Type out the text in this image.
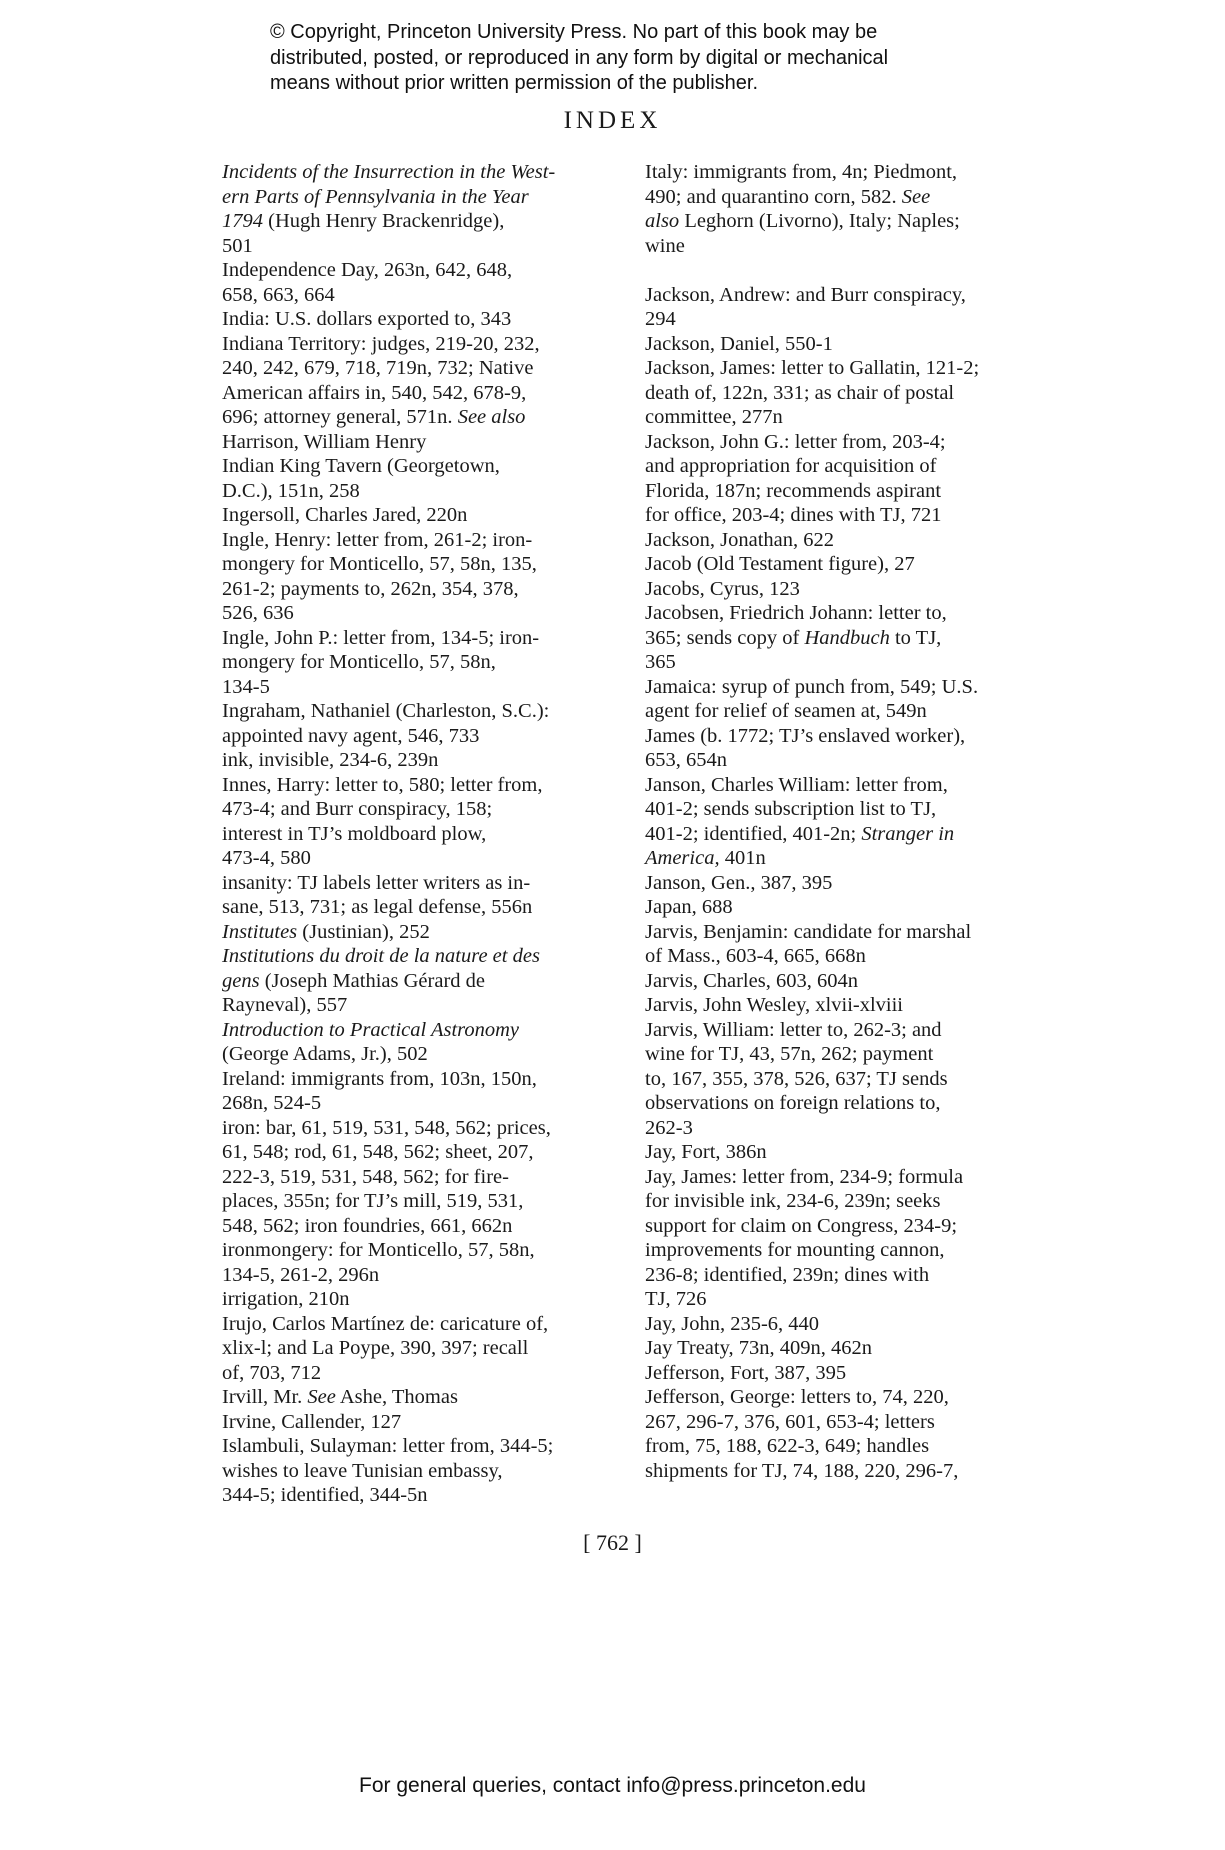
© Copyright, Princeton University Press. No part of this book may be
distributed, posted, or reproduced in any form by digital or mechanical
means without prior written permission of the publisher.
INDEX
Incidents of the Insurrection in the West-
ern Parts of Pennsylvania in the Year
1794 (Hugh Henry Brackenridge),
501
Independence Day, 263n, 642, 648,
658, 663, 664
India: U.S. dollars exported to, 343
Indiana Territory: judges, 219-20, 232,
240, 242, 679, 718, 719n, 732; Native
American affairs in, 540, 542, 678-9,
696; attorney general, 571n. See also
Harrison, William Henry
Indian King Tavern (Georgetown,
D.C.), 151n, 258
Ingersoll, Charles Jared, 220n
Ingle, Henry: letter from, 261-2; iron-
mongery for Monticello, 57, 58n, 135,
261-2; payments to, 262n, 354, 378,
526, 636
Ingle, John P.: letter from, 134-5; iron-
mongery for Monticello, 57, 58n,
134-5
Ingraham, Nathaniel (Charleston, S.C.):
appointed navy agent, 546, 733
ink, invisible, 234-6, 239n
Innes, Harry: letter to, 580; letter from,
473-4; and Burr conspiracy, 158;
interest in TJ’s moldboard plow,
473-4, 580
insanity: TJ labels letter writers as in-
sane, 513, 731; as legal defense, 556n
Institutes (Justinian), 252
Institutions du droit de la nature et des
gens (Joseph Mathias Gérard de
Rayneval), 557
Introduction to Practical Astronomy
(George Adams, Jr.), 502
Ireland: immigrants from, 103n, 150n,
268n, 524-5
iron: bar, 61, 519, 531, 548, 562; prices,
61, 548; rod, 61, 548, 562; sheet, 207,
222-3, 519, 531, 548, 562; for fire-
places, 355n; for TJ’s mill, 519, 531,
548, 562; iron foundries, 661, 662n
ironmongery: for Monticello, 57, 58n,
134-5, 261-2, 296n
irrigation, 210n
Irujo, Carlos Martínez de: caricature of,
xlix-l; and La Poype, 390, 397; recall
of, 703, 712
Irvill, Mr. See Ashe, Thomas
Irvine, Callender, 127
Islambuli, Sulayman: letter from, 344-5;
wishes to leave Tunisian embassy,
344-5; identified, 344-5n
Italy: immigrants from, 4n; Piedmont,
490; and quarantino corn, 582. See
also Leghorn (Livorno), Italy; Naples;
wine
Jackson, Andrew: and Burr conspiracy,
294
Jackson, Daniel, 550-1
Jackson, James: letter to Gallatin, 121-2;
death of, 122n, 331; as chair of postal
committee, 277n
Jackson, John G.: letter from, 203-4;
and appropriation for acquisition of
Florida, 187n; recommends aspirant
for office, 203-4; dines with TJ, 721
Jackson, Jonathan, 622
Jacob (Old Testament figure), 27
Jacobs, Cyrus, 123
Jacobsen, Friedrich Johann: letter to,
365; sends copy of Handbuch to TJ,
365
Jamaica: syrup of punch from, 549; U.S.
agent for relief of seamen at, 549n
James (b. 1772; TJ’s enslaved worker),
653, 654n
Janson, Charles William: letter from,
401-2; sends subscription list to TJ,
401-2; identified, 401-2n; Stranger in
America, 401n
Janson, Gen., 387, 395
Japan, 688
Jarvis, Benjamin: candidate for marshal
of Mass., 603-4, 665, 668n
Jarvis, Charles, 603, 604n
Jarvis, John Wesley, xlvii-xlviii
Jarvis, William: letter to, 262-3; and
wine for TJ, 43, 57n, 262; payment
to, 167, 355, 378, 526, 637; TJ sends
observations on foreign relations to,
262-3
Jay, Fort, 386n
Jay, James: letter from, 234-9; formula
for invisible ink, 234-6, 239n; seeks
support for claim on Congress, 234-9;
improvements for mounting cannon,
236-8; identified, 239n; dines with
TJ, 726
Jay, John, 235-6, 440
Jay Treaty, 73n, 409n, 462n
Jefferson, Fort, 387, 395
Jefferson, George: letters to, 74, 220,
267, 296-7, 376, 601, 653-4; letters
from, 75, 188, 622-3, 649; handles
shipments for TJ, 74, 188, 220, 296-7,
[ 762 ]
For general queries, contact info@press.princeton.edu
